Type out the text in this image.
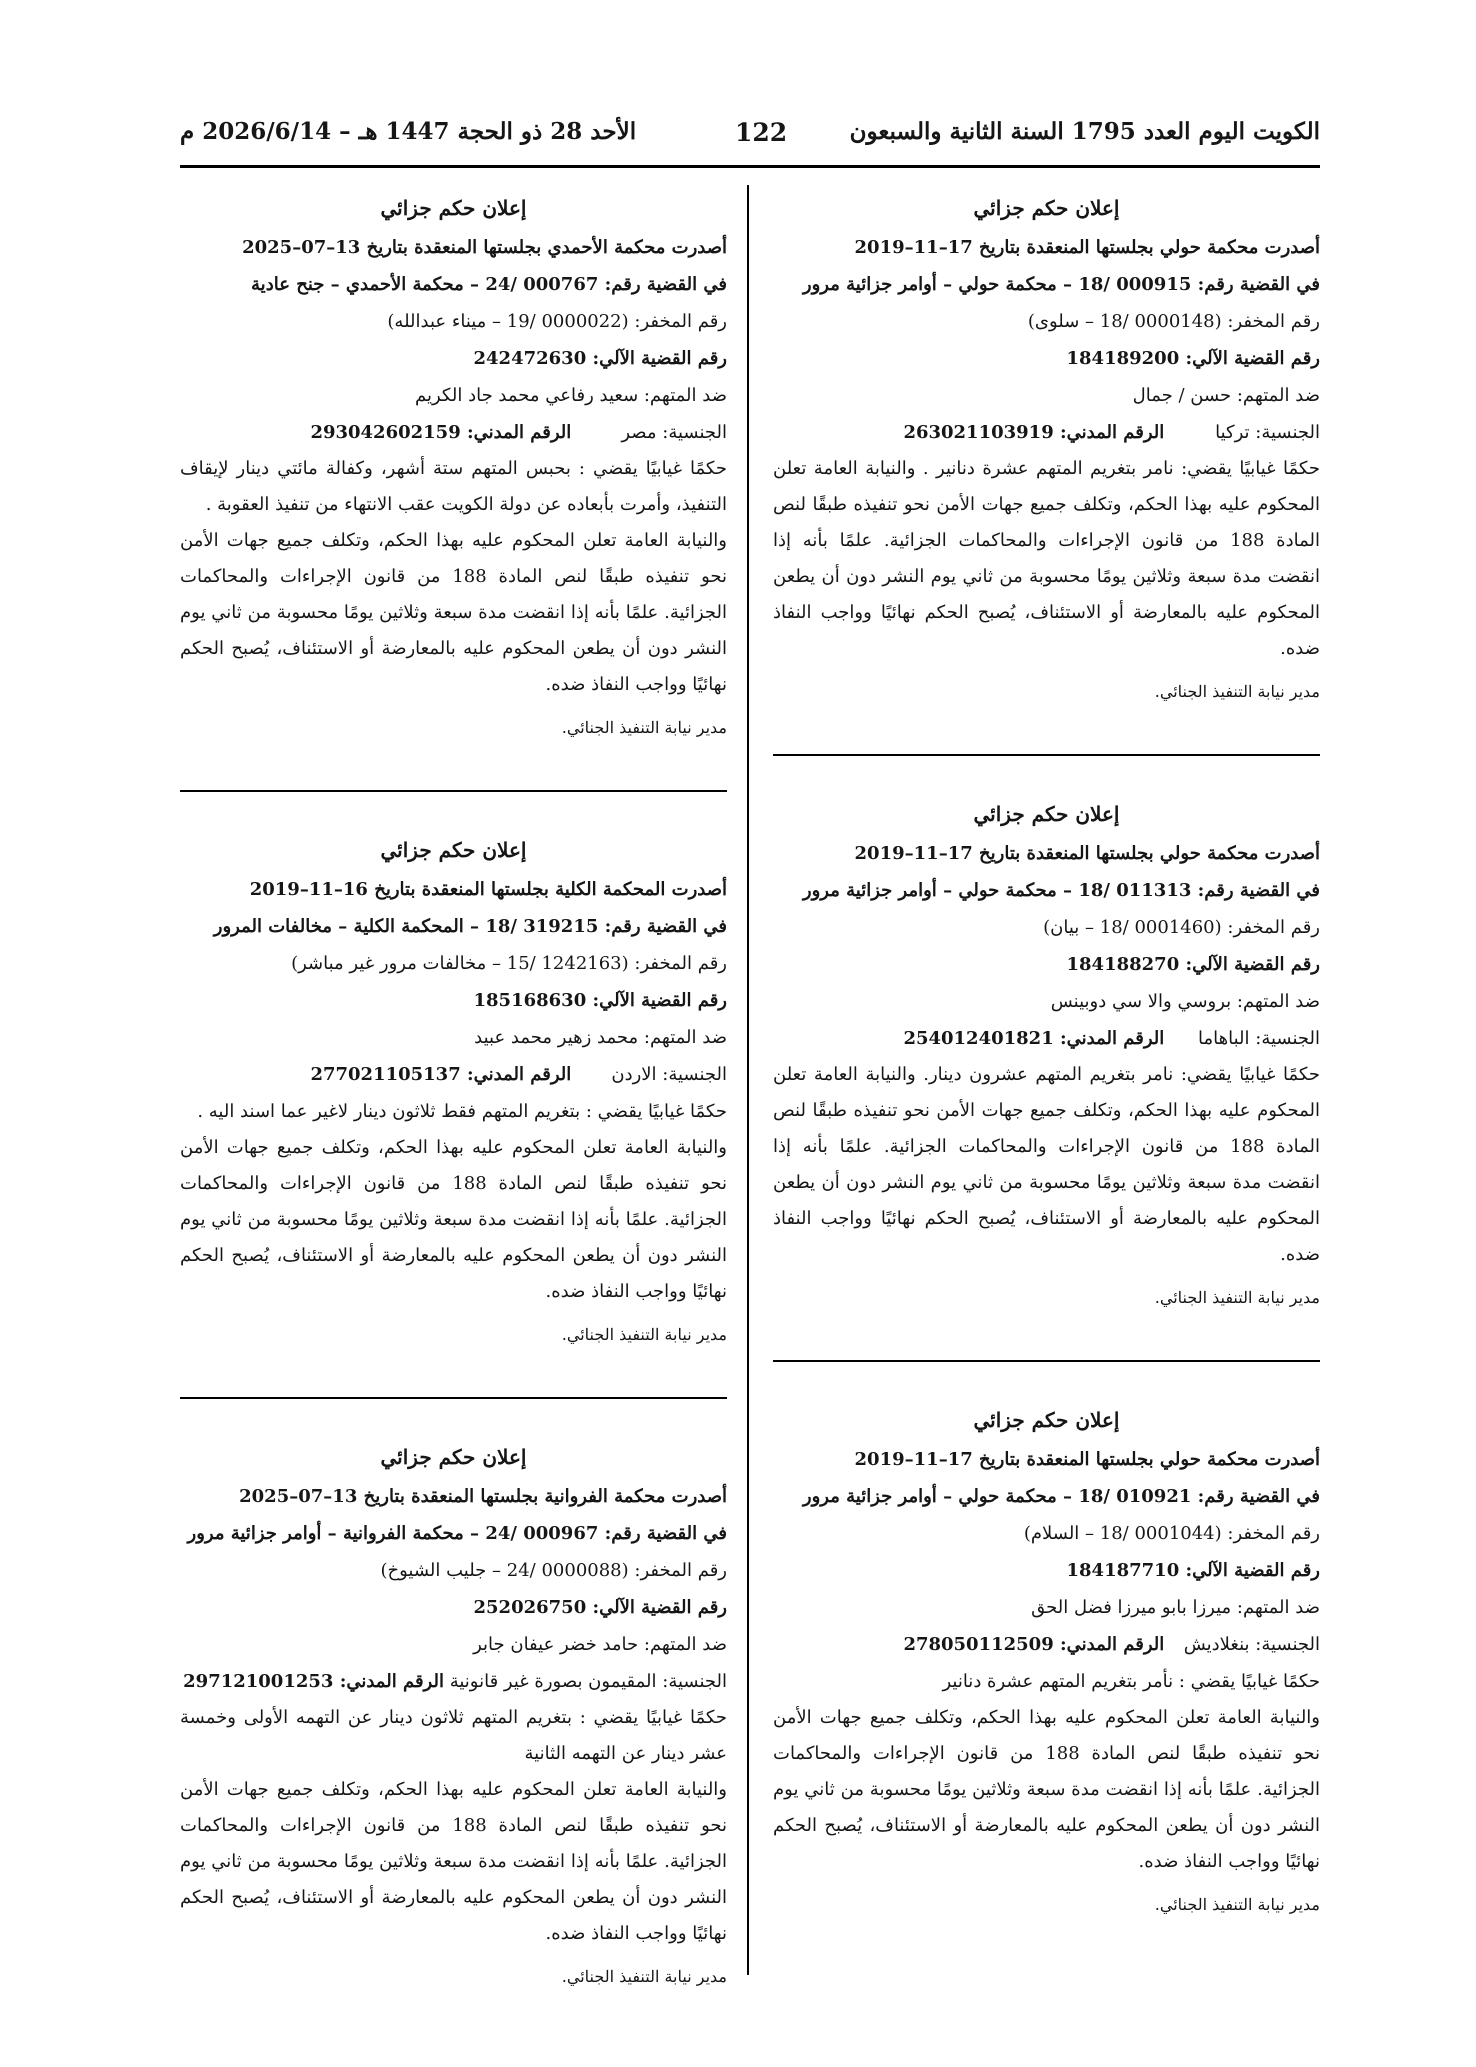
الكويت اليوم العدد 1795 السنة الثانية والسبعون
122
الأحد 28 ذو الحجة 1447 هـ – 2026/6/14 م

إعلان حكم جزائي

أصدرت محكمة حولي بجلستها المنعقدة بتاريخ 17–11–2019

في القضية رقم: 000915 /18 – محكمة حولي – أوامر جزائية مرور

رقم المخفر: (0000148 /18 – سلوى)

رقم القضية الآلي: 184189200

ضد المتهم: حسن / جمال

الجنسية: تركيا الرقم المدني: 263021103919

حكمًا غيابيًا يقضي: نامر بتغريم المتهم عشرة دنانير . والنيابة العامة تعلن المحكوم عليه بهذا الحكم، وتكلف جميع جهات الأمن نحو تنفيذه طبقًا لنص المادة 188 من قانون الإجراءات والمحاكمات الجزائية. علمًا بأنه إذا انقضت مدة سبعة وثلاثين يومًا محسوبة من ثاني يوم النشر دون أن يطعن المحكوم عليه بالمعارضة أو الاستئناف، يُصبح الحكم نهائيًا وواجب النفاذ ضده.

مدير نيابة التنفيذ الجنائي.

إعلان حكم جزائي

أصدرت محكمة حولي بجلستها المنعقدة بتاريخ 17–11–2019

في القضية رقم: 011313 /18 – محكمة حولي – أوامر جزائية مرور

رقم المخفر: (0001460 /18 – بيان)

رقم القضية الآلي: 184188270

ضد المتهم: بروسي والا سي دوبينس

الجنسية: الباهاما الرقم المدني: 254012401821

حكمًا غيابيًا يقضي: نامر بتغريم المتهم عشرون دينار. والنيابة العامة تعلن المحكوم عليه بهذا الحكم، وتكلف جميع جهات الأمن نحو تنفيذه طبقًا لنص المادة 188 من قانون الإجراءات والمحاكمات الجزائية. علمًا بأنه إذا انقضت مدة سبعة وثلاثين يومًا محسوبة من ثاني يوم النشر دون أن يطعن المحكوم عليه بالمعارضة أو الاستئناف، يُصبح الحكم نهائيًا وواجب النفاذ ضده.

مدير نيابة التنفيذ الجنائي.

إعلان حكم جزائي

أصدرت محكمة حولي بجلستها المنعقدة بتاريخ 17–11–2019

في القضية رقم: 010921 /18 – محكمة حولي – أوامر جزائية مرور

رقم المخفر: (0001044 /18 – السلام)

رقم القضية الآلي: 184187710

ضد المتهم: ميرزا بابو ميرزا فضل الحق

الجنسية: بنغلاديش الرقم المدني: 278050112509

حكمًا غيابيًا يقضي : نأمر بتغريم المتهم عشرة دنانير

والنيابة العامة تعلن المحكوم عليه بهذا الحكم، وتكلف جميع جهات الأمن نحو تنفيذه طبقًا لنص المادة 188 من قانون الإجراءات والمحاكمات الجزائية. علمًا بأنه إذا انقضت مدة سبعة وثلاثين يومًا محسوبة من ثاني يوم النشر دون أن يطعن المحكوم عليه بالمعارضة أو الاستئناف، يُصبح الحكم نهائيًا وواجب النفاذ ضده.

مدير نيابة التنفيذ الجنائي.

إعلان حكم جزائي

أصدرت محكمة الأحمدي بجلستها المنعقدة بتاريخ 13–07–2025

في القضية رقم: 000767 /24 – محكمة الأحمدي – جنح عادية

رقم المخفر: (0000022 /19 – ميناء عبدالله)

رقم القضية الآلي: 242472630

ضد المتهم: سعيد رفاعي محمد جاد الكريم

الجنسية: مصر الرقم المدني: 293042602159

حكمًا غيابيًا يقضي : بحبس المتهم ستة أشهر، وكفالة مائتي دينار لإيقاف التنفيذ، وأمرت بأبعاده عن دولة الكويت عقب الانتهاء من تنفيذ العقوبة .

والنيابة العامة تعلن المحكوم عليه بهذا الحكم، وتكلف جميع جهات الأمن نحو تنفيذه طبقًا لنص المادة 188 من قانون الإجراءات والمحاكمات الجزائية. علمًا بأنه إذا انقضت مدة سبعة وثلاثين يومًا محسوبة من ثاني يوم النشر دون أن يطعن المحكوم عليه بالمعارضة أو الاستئناف، يُصبح الحكم نهائيًا وواجب النفاذ ضده.

مدير نيابة التنفيذ الجنائي.

إعلان حكم جزائي

أصدرت المحكمة الكلية بجلستها المنعقدة بتاريخ 16–11–2019

في القضية رقم: 319215 /18 – المحكمة الكلية – مخالفات المرور

رقم المخفر: (1242163 /15 – مخالفات مرور غير مباشر)

رقم القضية الآلي: 185168630

ضد المتهم: محمد زهير محمد عبيد

الجنسية: الاردن الرقم المدني: 277021105137

حكمًا غيابيًا يقضي : بتغريم المتهم فقط ثلاثون دينار لاغير عما اسند اليه .

والنيابة العامة تعلن المحكوم عليه بهذا الحكم، وتكلف جميع جهات الأمن نحو تنفيذه طبقًا لنص المادة 188 من قانون الإجراءات والمحاكمات الجزائية. علمًا بأنه إذا انقضت مدة سبعة وثلاثين يومًا محسوبة من ثاني يوم النشر دون أن يطعن المحكوم عليه بالمعارضة أو الاستئناف، يُصبح الحكم نهائيًا وواجب النفاذ ضده.

مدير نيابة التنفيذ الجنائي.

إعلان حكم جزائي

أصدرت محكمة الفروانية بجلستها المنعقدة بتاريخ 13–07–2025

في القضية رقم: 000967 /24 – محكمة الفروانية – أوامر جزائية مرور

رقم المخفر: (0000088 /24 – جليب الشيوخ)

رقم القضية الآلي: 252026750

ضد المتهم: حامد خضر عيفان جابر

الجنسية: المقيمون بصورة غير قانونية الرقم المدني: 297121001253

حكمًا غيابيًا يقضي : بتغريم المتهم ثلاثون دينار عن التهمه الأولى وخمسة عشر دينار عن التهمه الثانية

والنيابة العامة تعلن المحكوم عليه بهذا الحكم، وتكلف جميع جهات الأمن نحو تنفيذه طبقًا لنص المادة 188 من قانون الإجراءات والمحاكمات الجزائية. علمًا بأنه إذا انقضت مدة سبعة وثلاثين يومًا محسوبة من ثاني يوم النشر دون أن يطعن المحكوم عليه بالمعارضة أو الاستئناف، يُصبح الحكم نهائيًا وواجب النفاذ ضده.

مدير نيابة التنفيذ الجنائي.
